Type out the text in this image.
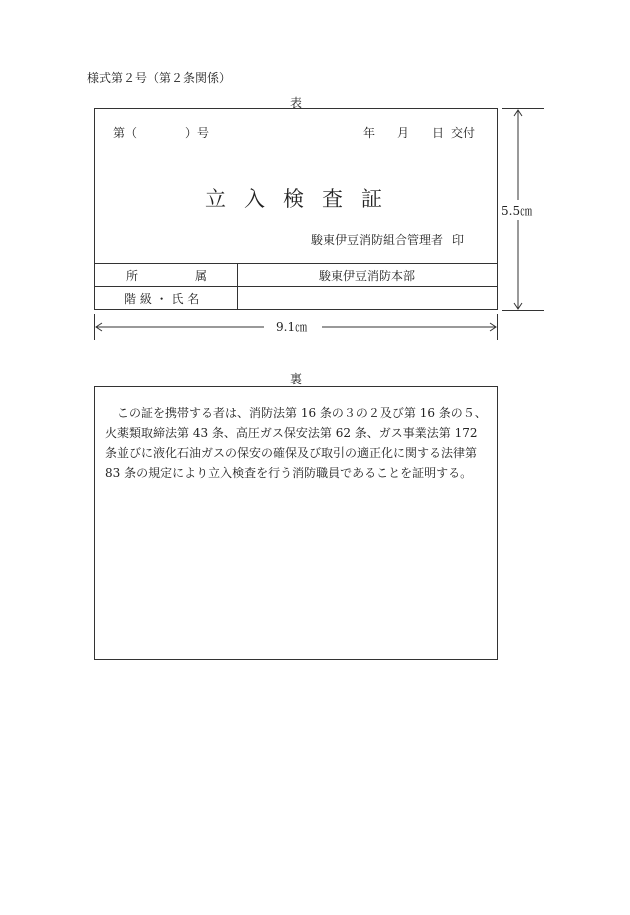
様式第２号（第２条関係）
表
第（	）号	年 月 日 交付
立入検査証
駿東伊豆消防組合管理者 印
所	属	駿東伊豆消防本部
階 級 ・ 氏 名
5.5㎝
9.1㎝
裏
この証を携帯する者は、消防法第 16 条の３の２及び第 16 条の５、火薬類取締法第 43 条、高圧ガス保安法第 62 条、ガス事業法第 172 条並びに液化石油ガスの保安の確保及び取引の適正化に関する法律第 83 条の規定により立入検査を行う消防職員であることを証明する。
